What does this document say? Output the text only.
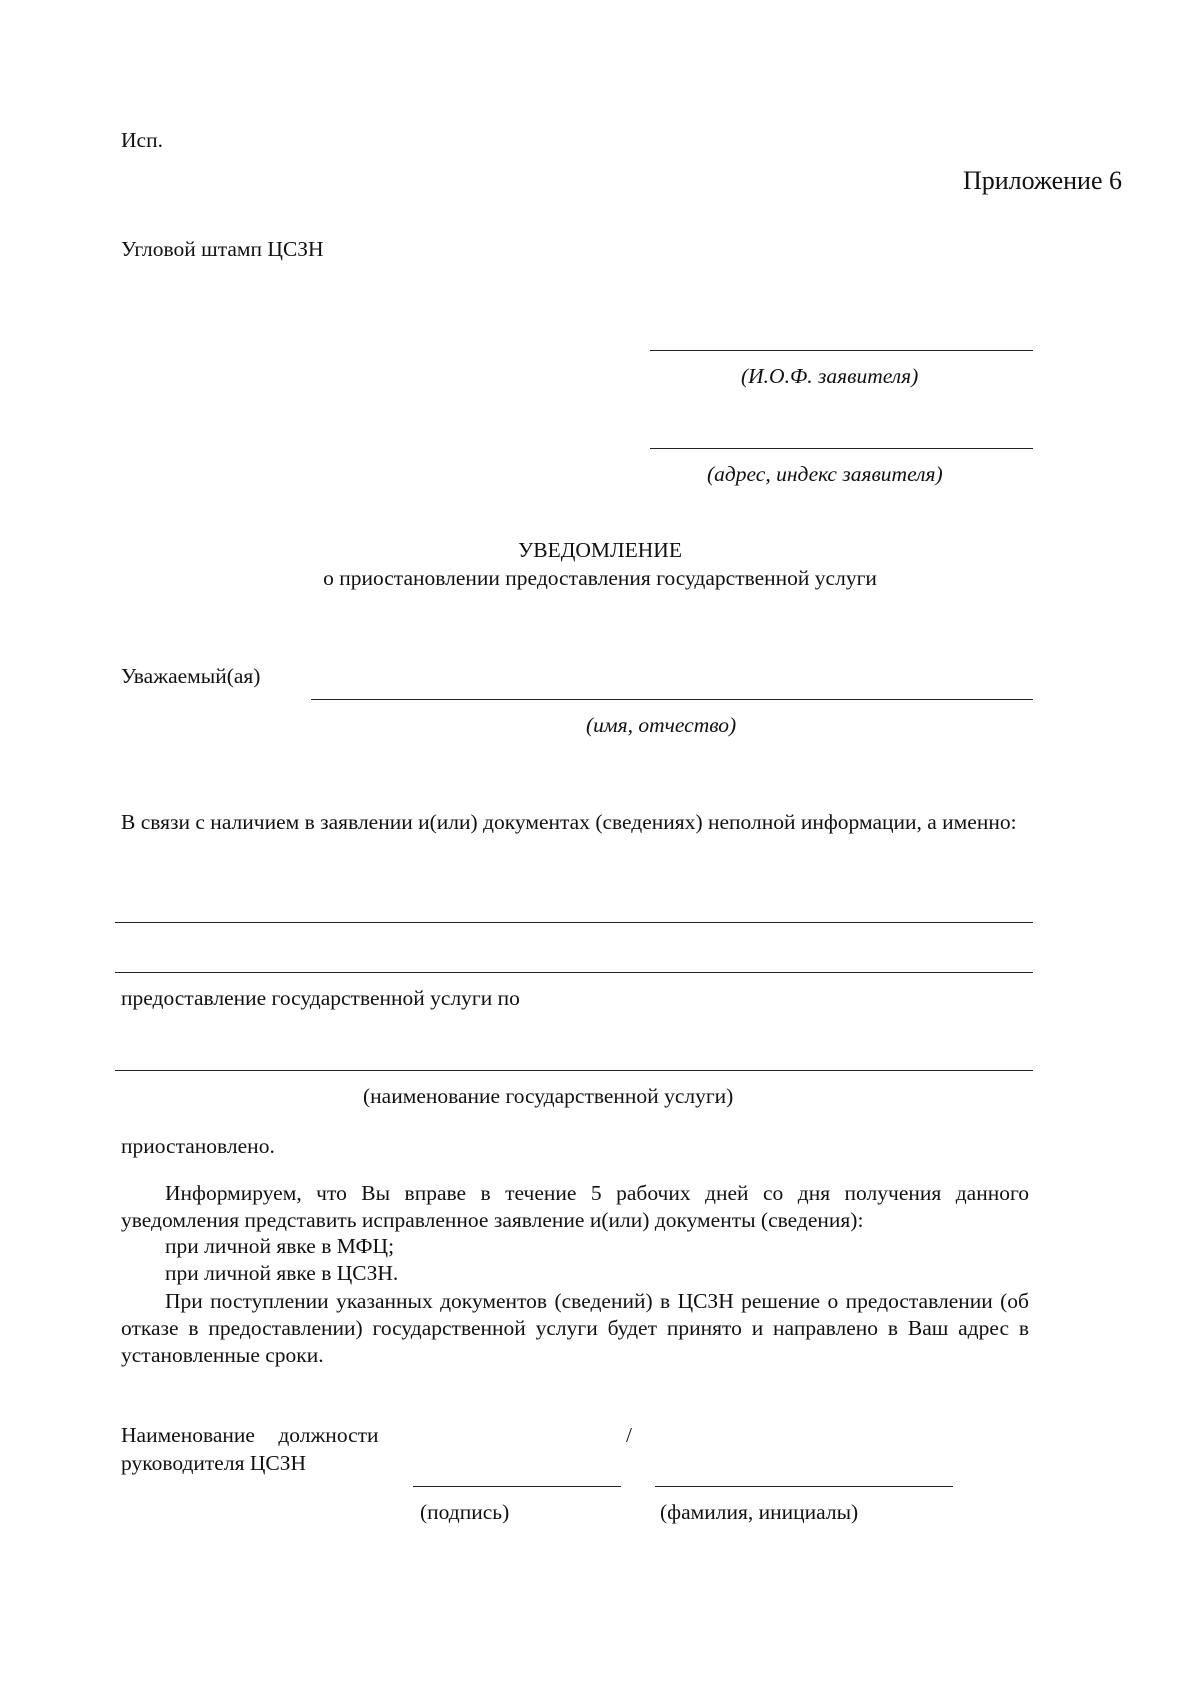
Исп.
Приложение 6
Угловой штамп ЦСЗН
(И.О.Ф. заявителя)
(адрес, индекс заявителя)
УВЕДОМЛЕНИЕ
о приостановлении предоставления государственной услуги
Уважаемый(ая)
(имя, отчество)
В связи с наличием в заявлении и(или) документах (сведениях) неполной информации, а именно:
предоставление государственной услуги по
(наименование государственной услуги)
приостановлено.
Информируем, что Вы вправе в течение 5 рабочих дней со дня получения данного уведомления представить исправленное заявление и(или) документы (сведения):
при личной явке в МФЦ;
при личной явке в ЦСЗН.
При поступлении указанных документов (сведений) в ЦСЗН решение о предоставлении (об отказе в предоставлении) государственной услуги будет принято и направлено в Ваш адрес в установленные сроки.
Наименование должности
руководителя ЦСЗН
/
(подпись)	(фамилия, инициалы)
